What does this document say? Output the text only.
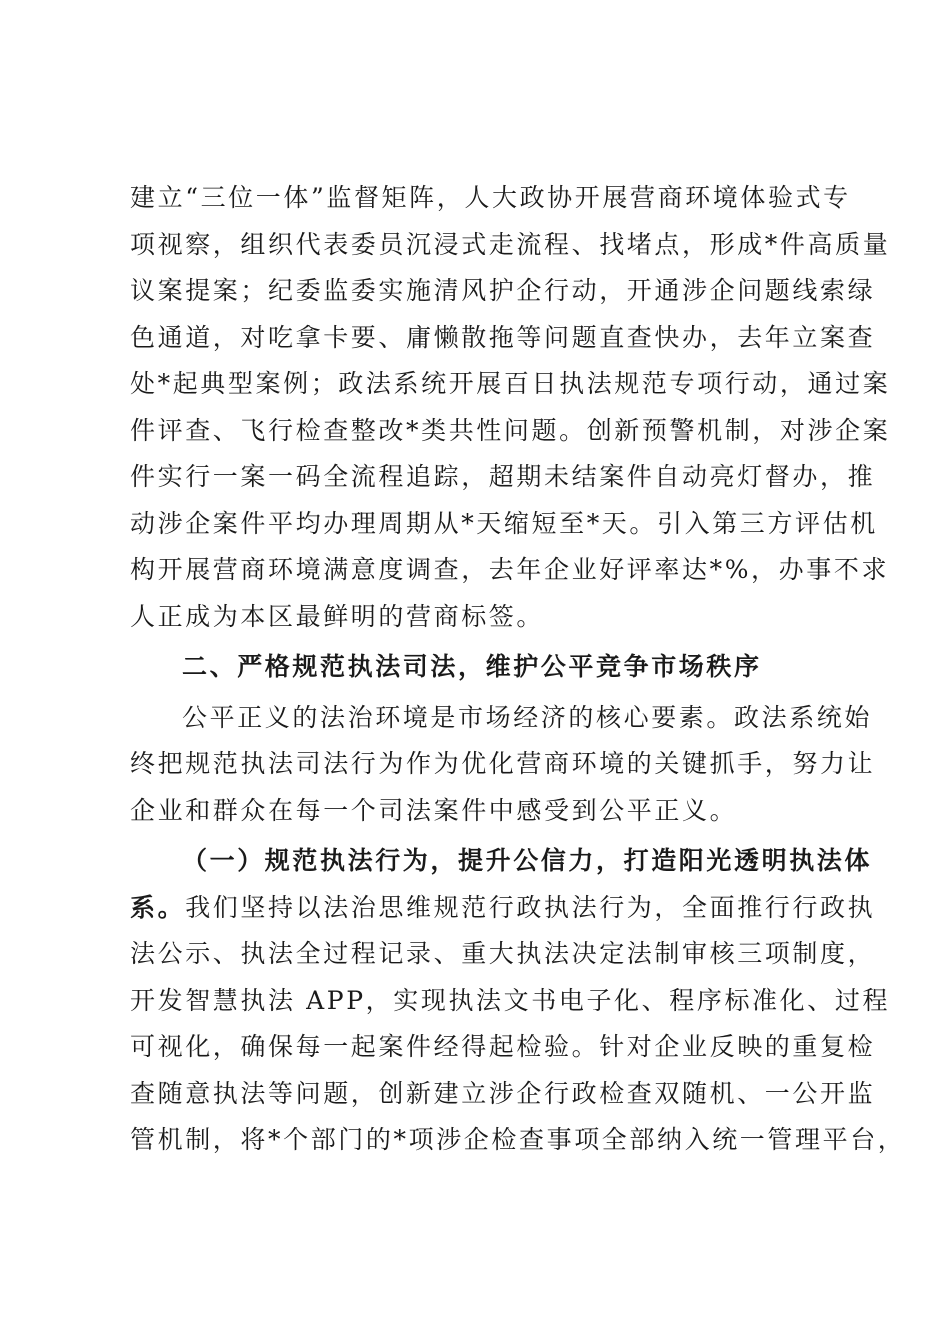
建立“三位一体”监督矩阵，人大政协开展营商环境体验式专
项视察，组织代表委员沉浸式走流程、找堵点，形成*件高质量
议案提案；纪委监委实施清风护企行动，开通涉企问题线索绿
色通道，对吃拿卡要、庸懒散拖等问题直查快办，去年立案查
处*起典型案例；政法系统开展百日执法规范专项行动，通过案
件评查、飞行检查整改*类共性问题。创新预警机制，对涉企案
件实行一案一码全流程追踪，超期未结案件自动亮灯督办，推
动涉企案件平均办理周期从*天缩短至*天。引入第三方评估机
构开展营商环境满意度调查，去年企业好评率达*%，办事不求
人正成为本区最鲜明的营商标签。
二、严格规范执法司法，维护公平竞争市场秩序
公平正义的法治环境是市场经济的核心要素。政法系统始
终把规范执法司法行为作为优化营商环境的关键抓手，努力让
企业和群众在每一个司法案件中感受到公平正义。
（一）规范执法行为，提升公信力，打造阳光透明执法体
系。我们坚持以法治思维规范行政执法行为，全面推行行政执
法公示、执法全过程记录、重大执法决定法制审核三项制度，
开发智慧执法 APP，实现执法文书电子化、程序标准化、过程
可视化，确保每一起案件经得起检验。针对企业反映的重复检
查随意执法等问题，创新建立涉企行政检查双随机、一公开监
管机制，将*个部门的*项涉企检查事项全部纳入统一管理平台，
